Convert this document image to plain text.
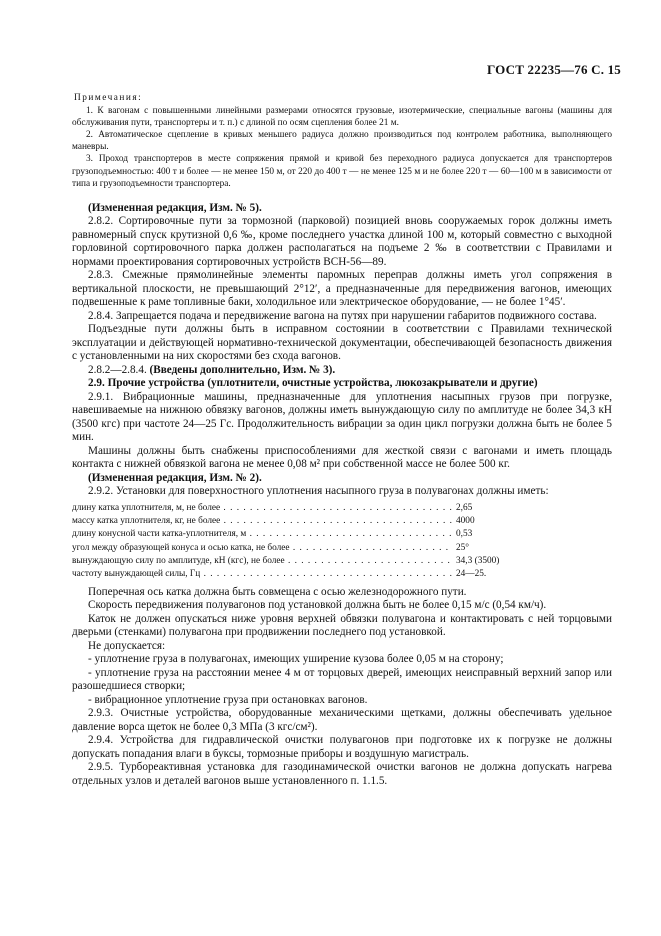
ГОСТ 22235—76 С. 15
Примечания:

1. К вагонам с повышенными линейными размерами относятся грузовые, изотермические, специальные вагоны (машины для обслуживания пути, транспортеры и т. п.) с длиной по осям сцепления более 21 м.

2. Автоматическое сцепление в кривых меньшего радиуса должно производиться под контролем работника, выполняющего маневры.

3. Проход транспортеров в месте сопряжения прямой и кривой без переходного радиуса допускается для транспортеров грузоподъемностью: 400 т и более — не менее 150 м, от 220 до 400 т — не менее 125 м и не более 220 т — 60—100 м в зависимости от типа и грузоподъемности транспортера.

(Измененная редакция, Изм. № 5).

2.8.2. Сортировочные пути за тормозной (парковой) позицией вновь сооружаемых горок должны иметь равномерный спуск крутизной 0,6 ‰, кроме последнего участка длиной 100 м, который совместно с выходной горловиной сортировочного парка должен располагаться на подъеме 2 ‰ в соответствии с Правилами и нормами проектирования сортировочных устройств ВСН-56—89.

2.8.3. Смежные прямолинейные элементы паромных переправ должны иметь угол сопряжения в вертикальной плоскости, не превышающий 2°12′, а предназначенные для передвижения вагонов, имеющих подвешенные к раме топливные баки, холодильное или электрическое оборудование, — не более 1°45′.

2.8.4. Запрещается подача и передвижение вагона на путях при нарушении габаритов подвижного состава.

Подъездные пути должны быть в исправном состоянии в соответствии с Правилами технической эксплуатации и действующей нормативно-технической документации, обеспечивающей безопасность движения с установленными на них скоростями без схода вагонов.

2.8.2—2.8.4. (Введены дополнительно, Изм. № 3).

2.9. Прочие устройства (уплотнители, очистные устройства, люкозакрыватели и другие)

2.9.1. Вибрационные машины, предназначенные для уплотнения насыпных грузов при погрузке, навешиваемые на нижнюю обвязку вагонов, должны иметь вынуждающую силу по амплитуде не более 34,3 кН (3500 кгс) при частоте 24—25 Гс. Продолжительность вибрации за один цикл погрузки должна быть не более 5 мин.

Машины должны быть снабжены приспособлениями для жесткой связи с вагонами и иметь площадь контакта с нижней обвязкой вагона не менее 0,08 м² при собственной массе не более 500 кг.

(Измененная редакция, Изм. № 2).

2.9.2. Установки для поверхностного уплотнения насыпного груза в полувагонах должны иметь:

длину катка уплотнителя, м, не более . . .	2,65
массу катка уплотнителя, кг, не более . . .	4000
длину конусной части катка-уплотнителя, м . . .	0,53
угол между образующей конуса и осью катка, не более . . .	25°
вынуждающую силу по амплитуде, кН (кгс), не более . . .	34,3 (3500)
частоту вынуждающей силы, Гц . . .	24—25.

Поперечная ось катка должна быть совмещена с осью железнодорожного пути.

Скорость передвижения полувагонов под установкой должна быть не более 0,15 м/с (0,54 км/ч).

Каток не должен опускаться ниже уровня верхней обвязки полувагона и контактировать с ней торцовыми дверьми (стенками) полувагона при продвижении последнего под установкой.

Не допускается:

- уплотнение груза в полувагонах, имеющих уширение кузова более 0,05 м на сторону;

- уплотнение груза на расстоянии менее 4 м от торцовых дверей, имеющих неисправный верхний запор или разошедшиеся створки;

- вибрационное уплотнение груза при остановках вагонов.

2.9.3. Очистные устройства, оборудованные механическими щетками, должны обеспечивать удельное давление ворса щеток не более 0,3 МПа (3 кгс/см²).

2.9.4. Устройства для гидравлической очистки полувагонов при подготовке их к погрузке не должны допускать попадания влаги в буксы, тормозные приборы и воздушную магистраль.

2.9.5. Турбореактивная установка для газодинамической очистки вагонов не должна допускать нагрева отдельных узлов и деталей вагонов выше установленного п. 1.1.5.
